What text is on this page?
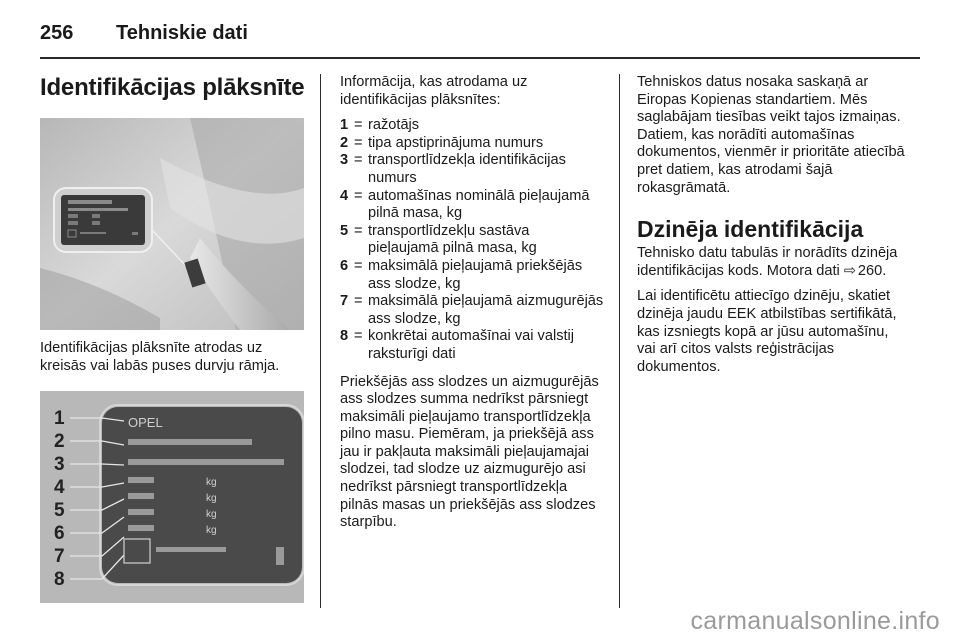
256 Tehniskie dati
Identifikācijas plāksnīte

Identifikācijas plāksnīte atrodas uz kreisās vai labās puses durvju rāmja.

1
2
3
4
5
6
7
8
OPEL
kg
kg
kg
kg

Informācija, kas atrodama uz identifikācijas plāksnītes:

1 = ražotājs
2 = tipa apstiprinājuma numurs
3 = transportlīdzekļa identifikācijas numurs
4 = automašīnas nominālā pieļaujamā pilnā masa, kg
5 = transportlīdzekļu sastāva pieļaujamā pilnā masa, kg
6 = maksimālā pieļaujamā priekšējās ass slodze, kg
7 = maksimālā pieļaujamā aizmugurējās ass slodze, kg
8 = konkrētai automašīnai vai valstij raksturīgi dati

Priekšējās ass slodzes un aizmugurējās ass slodzes summa nedrīkst pārsniegt maksimāli pieļaujamo transportlīdzekļa pilno masu. Piemēram, ja priekšējā ass jau ir pakļauta maksimāli pieļaujamajai slodzei, tad slodze uz aizmugurējo asi nedrīkst pārsniegt transportlīdzekļa pilnās masas un priekšējās ass slodzes starpību.

Tehniskos datus nosaka saskaņā ar Eiropas Kopienas standartiem. Mēs saglabājam tiesības veikt tajos izmaiņas. Datiem, kas norādīti automašīnas dokumentos, vienmēr ir prioritāte atiecībā pret datiem, kas atrodami šajā rokasgrāmatā.

Dzinēja identifikācija

Tehnisko datu tabulās ir norādīts dzinēja identifikācijas kods. Motora dati ⇨ 260.

Lai identificētu attiecīgo dzinēju, skatiet dzinēja jaudu EEK atbilstības sertifikātā, kas izsniegts kopā ar jūsu automašīnu, vai arī citos valsts reģistrācijas dokumentos.

carmanualsonline.info
